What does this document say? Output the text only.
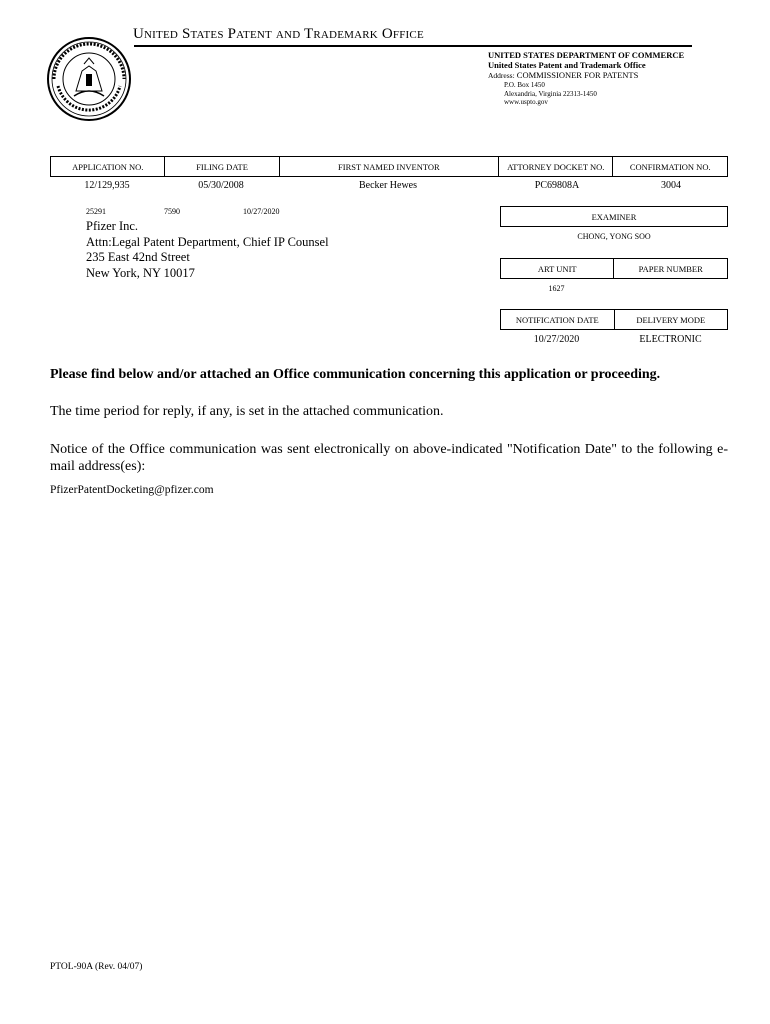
United States Patent and Trademark Office
UNITED STATES DEPARTMENT OF COMMERCE
United States Patent and Trademark Office
Address: COMMISSIONER FOR PATENTS
P.O. Box 1450
Alexandria, Virginia 22313-1450
www.uspto.gov
APPLICATION NO.	FILING DATE	FIRST NAMED INVENTOR	ATTORNEY DOCKET NO.	CONFIRMATION NO.
12/129,935	05/30/2008	Becker Hewes	PC69808A	3004
25291	7590	10/27/2020
Pfizer Inc.
Attn:Legal Patent Department, Chief IP Counsel
235 East 42nd Street
New York, NY 10017
EXAMINER
CHONG, YONG SOO
ART UNIT	PAPER NUMBER
1627
NOTIFICATION DATE	DELIVERY MODE
10/27/2020	ELECTRONIC
Please find below and/or attached an Office communication concerning this application or proceeding.
The time period for reply, if any, is set in the attached communication.
Notice of the Office communication was sent electronically on above-indicated "Notification Date" to the following e-mail address(es):
PfizerPatentDocketing@pfizer.com
PTOL-90A (Rev. 04/07)
